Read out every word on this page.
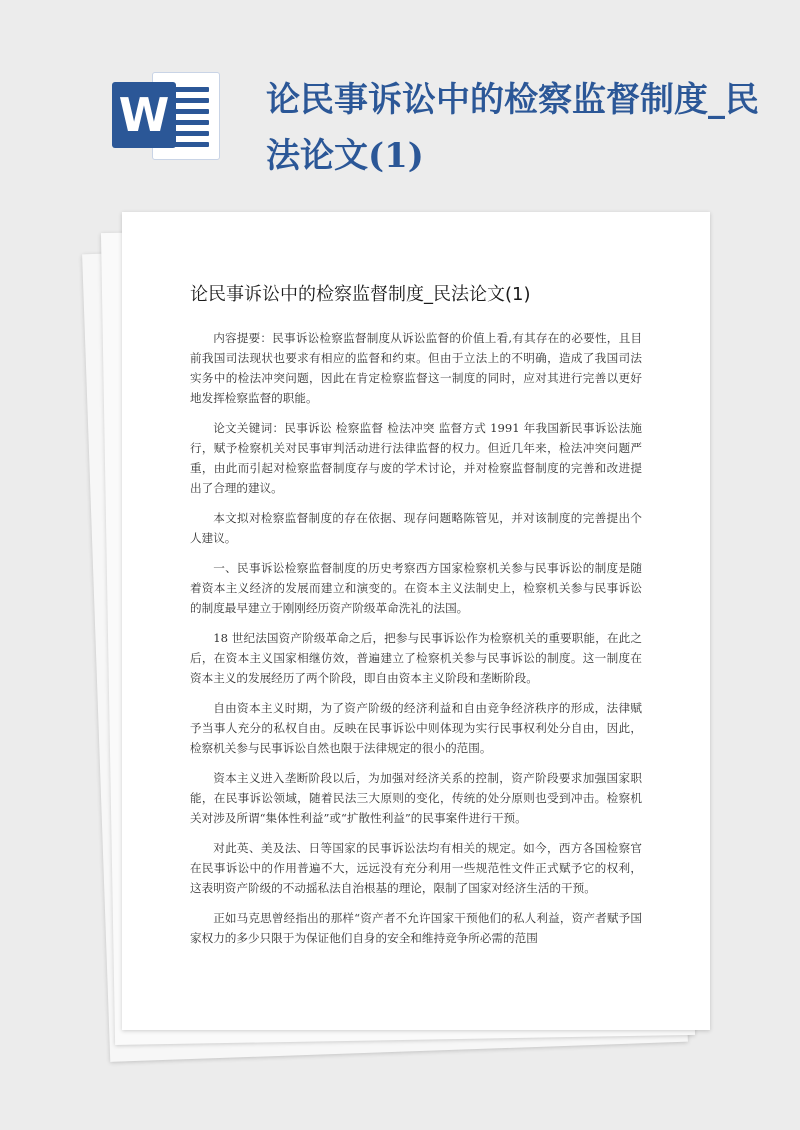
W	论民事诉讼中的检察监督制度_民法论文(1)
论民事诉讼中的检察监督制度_民法论文(1)

内容提要：民事诉讼检察监督制度从诉讼监督的价值上看,有其存在的必要性，且目前我国司法现状也要求有相应的监督和约束。但由于立法上的不明确，造成了我国司法实务中的检法冲突问题，因此在肯定检察监督这一制度的同时，应对其进行完善以更好地发挥检察监督的职能。

论文关键词：民事诉讼 检察监督 检法冲突 监督方式 1991 年我国新民事诉讼法施行，赋予检察机关对民事审判活动进行法律监督的权力。但近几年来，检法冲突问题严重，由此而引起对检察监督制度存与废的学术讨论，并对检察监督制度的完善和改进提出了合理的建议。

本文拟对检察监督制度的存在依据、现存问题略陈管见，并对该制度的完善提出个人建议。

一、民事诉讼检察监督制度的历史考察西方国家检察机关参与民事诉讼的制度是随着资本主义经济的发展而建立和演变的。在资本主义法制史上，检察机关参与民事诉讼的制度最早建立于刚刚经历资产阶级革命洗礼的法国。

18 世纪法国资产阶级革命之后，把参与民事诉讼作为检察机关的重要职能，在此之后，在资本主义国家相继仿效，普遍建立了检察机关参与民事诉讼的制度。这一制度在资本主义的发展经历了两个阶段，即自由资本主义阶段和垄断阶段。

自由资本主义时期，为了资产阶级的经济利益和自由竞争经济秩序的形成，法律赋予当事人充分的私权自由。反映在民事诉讼中则体现为实行民事权利处分自由，因此，检察机关参与民事诉讼自然也限于法律规定的很小的范围。

资本主义进入垄断阶段以后，为加强对经济关系的控制，资产阶段要求加强国家职能，在民事诉讼领域，随着民法三大原则的变化，传统的处分原则也受到冲击。检察机关对涉及所谓“集体性利益”或“扩散性利益”的民事案件进行干预。

对此英、美及法、日等国家的民事诉讼法均有相关的规定。如今，西方各国检察官在民事诉讼中的作用普遍不大，远远没有充分利用一些规范性文件正式赋予它的权利，这表明资产阶级的不动摇私法自治根基的理论，限制了国家对经济生活的干预。

正如马克思曾经指出的那样“资产者不允许国家干预他们的私人利益，资产者赋予国家权力的多少只限于为保证他们自身的安全和维持竞争所必需的范围
